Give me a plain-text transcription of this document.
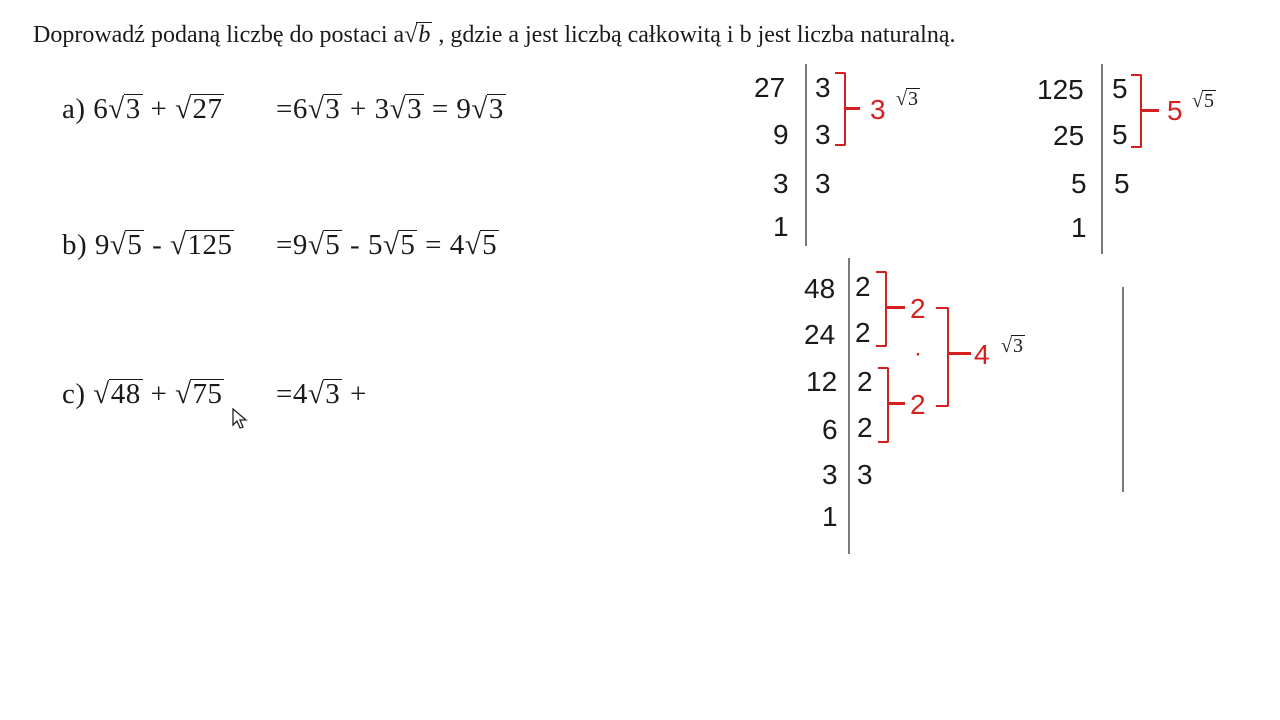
Doprowadź podaną liczbę do postaci a√b , gdzie a jest liczbą całkowitą i b jest liczba naturalną.
a) 6√3 + √27 =6√3 + 3√3 = 9√3
b) 9√5 - √125 =9√5 - 5√5 = 4√5
c) √48 + √75 =4√3 +
27
9
3
1
3
3
3
3 √3	125
25
5
1
5
5
5
5 √5
48
24
12
6
3
1
2
2
2
2
3
2
2
· 4 √3
